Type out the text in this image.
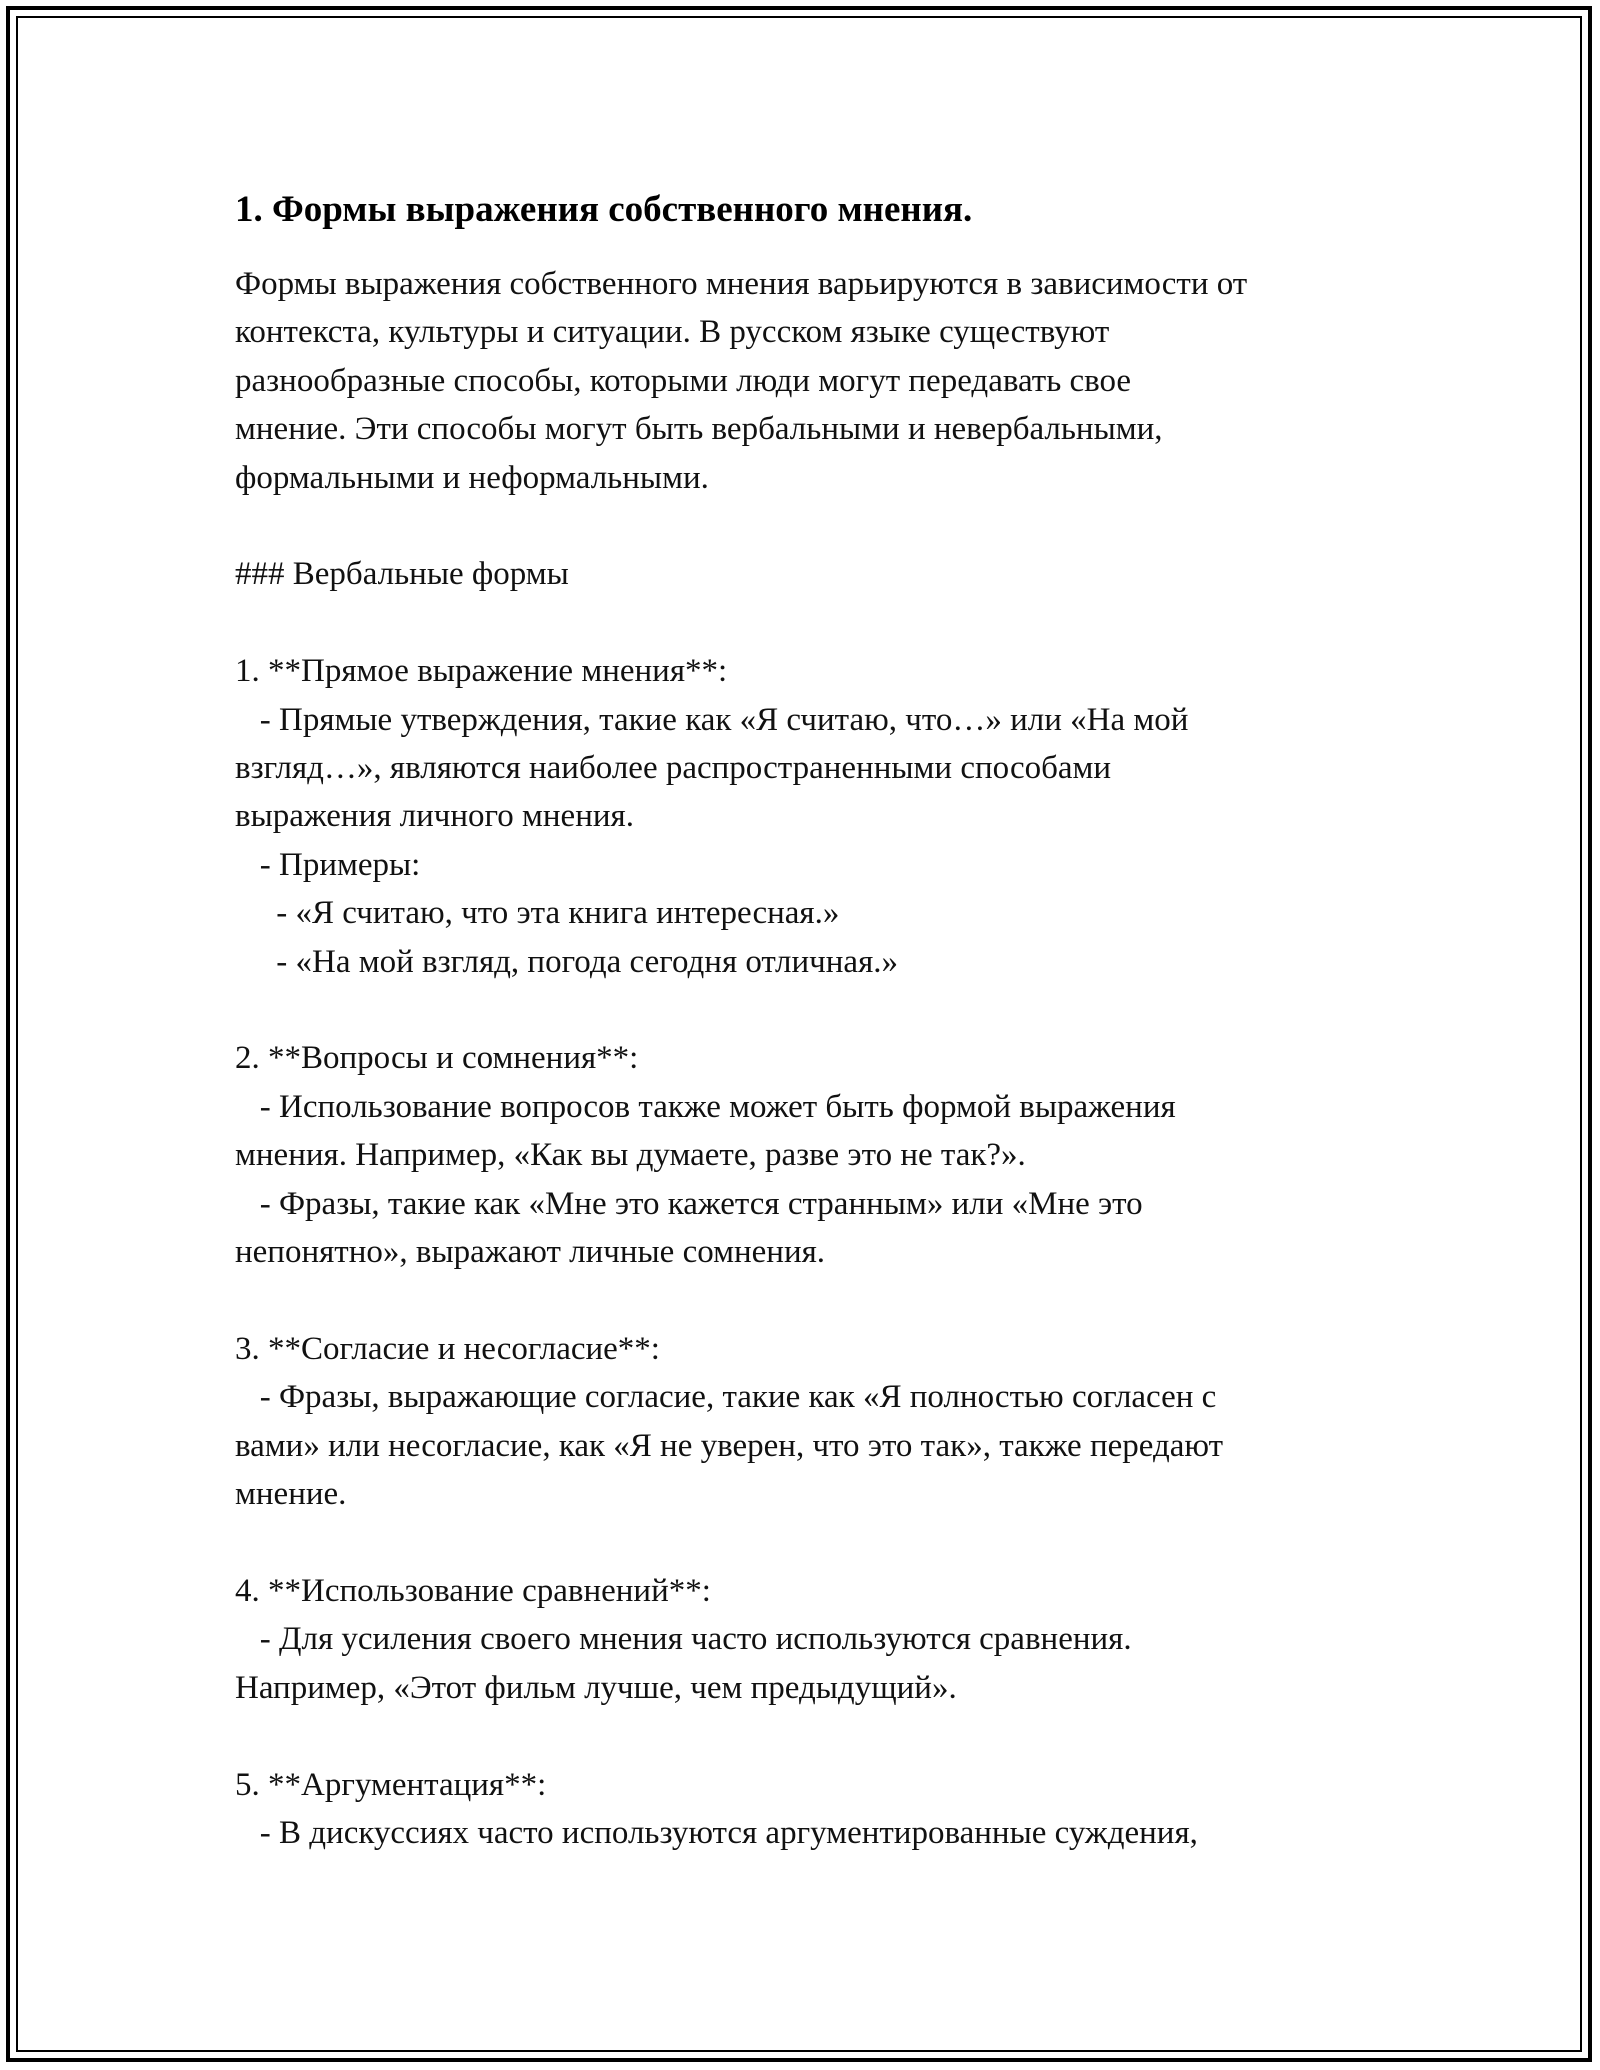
1. Формы выражения собственного мнения.
Формы выражения собственного мнения варьируются в зависимости от
контекста, культуры и ситуации. В русском языке существуют
разнообразные способы, которыми люди могут передавать свое
мнение. Эти способы могут быть вербальными и невербальными,
формальными и неформальными.
### Вербальные формы
1. **Прямое выражение мнения**:
- Прямые утверждения, такие как «Я считаю, что…» или «На мой
взгляд…», являются наиболее распространенными способами
выражения личного мнения.
- Примеры:
- «Я считаю, что эта книга интересная.»
- «На мой взгляд, погода сегодня отличная.»
2. **Вопросы и сомнения**:
- Использование вопросов также может быть формой выражения
мнения. Например, «Как вы думаете, разве это не так?».
- Фразы, такие как «Мне это кажется странным» или «Мне это
непонятно», выражают личные сомнения.
3. **Согласие и несогласие**:
- Фразы, выражающие согласие, такие как «Я полностью согласен с
вами» или несогласие, как «Я не уверен, что это так», также передают
мнение.
4. **Использование сравнений**:
- Для усиления своего мнения часто используются сравнения.
Например, «Этот фильм лучше, чем предыдущий».
5. **Аргументация**:
- В дискуссиях часто используются аргументированные суждения,
